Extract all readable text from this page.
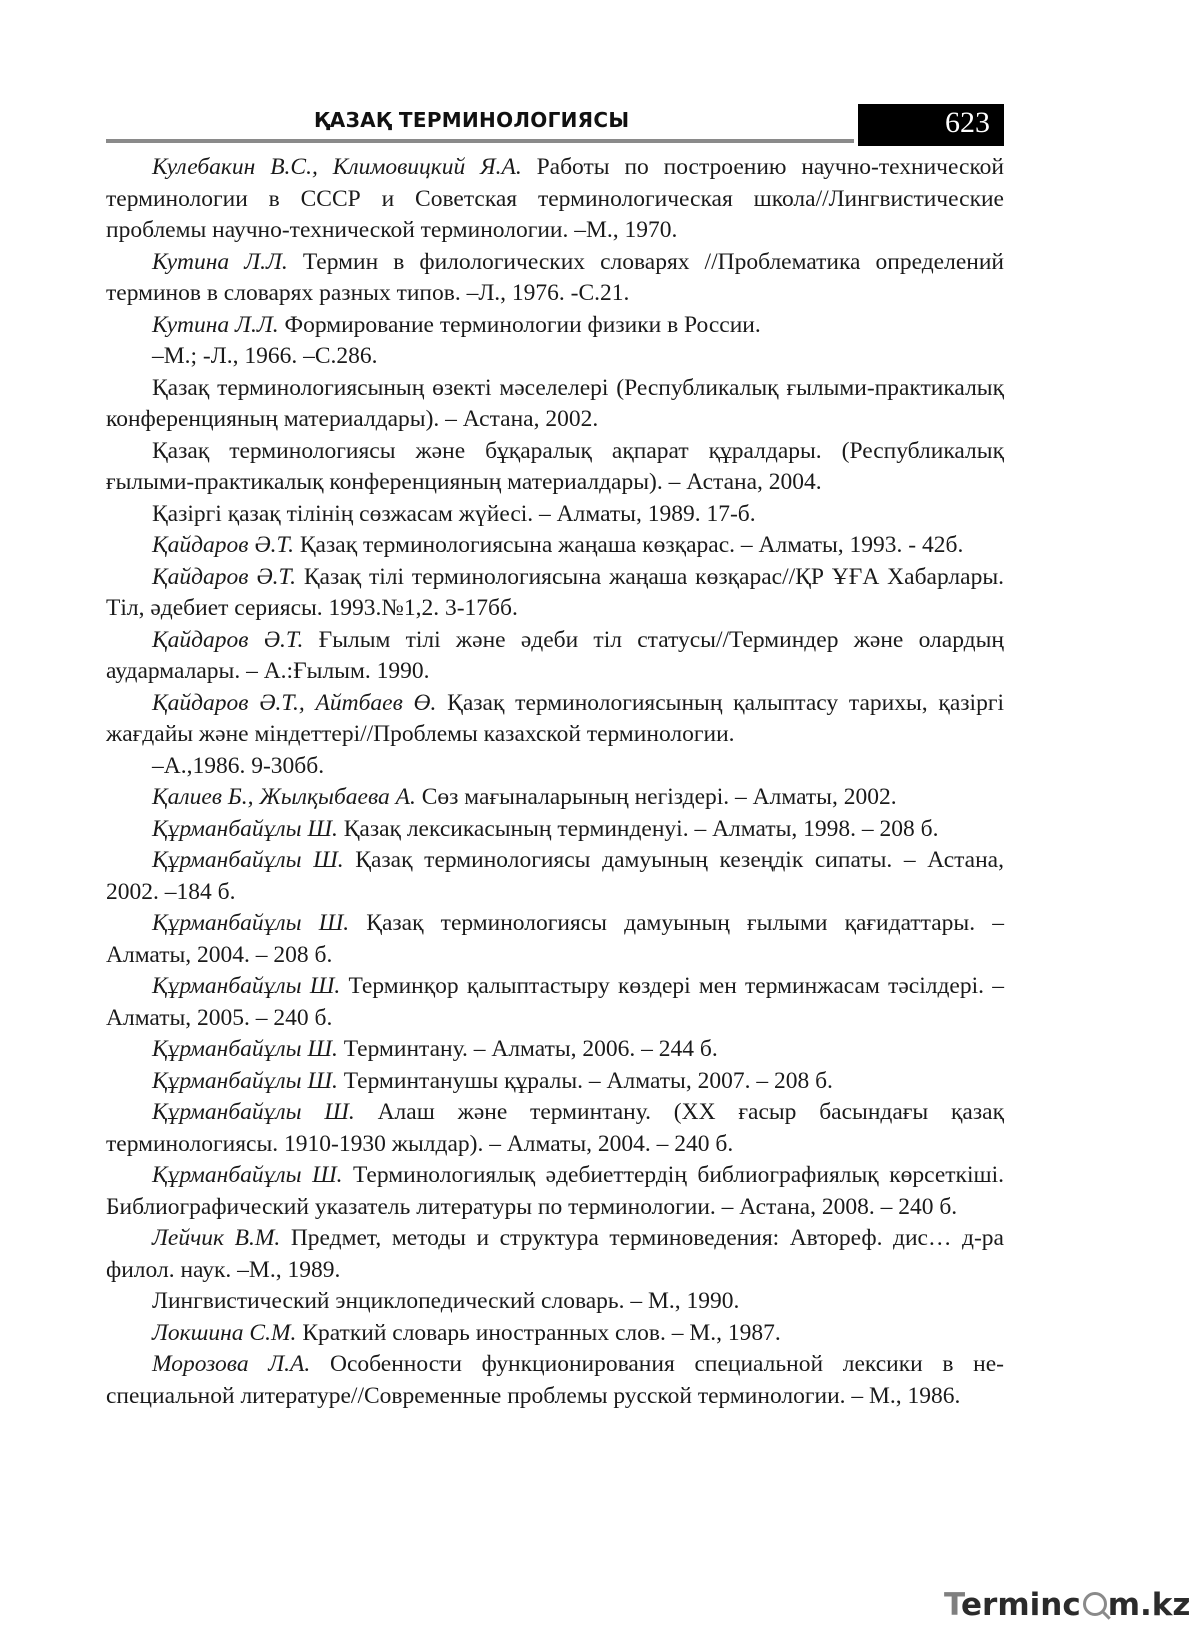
ҚАЗАҚ ТЕРМИНОЛОГИЯСЫ	623

Кулебакин В.С., Климовицкий Я.А. Работы по построению научно-технической терминологии в СССР и Советская терминологическая школа//Лингвистические проблемы научно-технической терминологии. –М., 1970.

Кутина Л.Л. Термин в филологических словарях //Проблематика определений терминов в словарях разных типов. –Л., 1976. -С.21.

Кутина Л.Л. Формирование терминологии физики в России.

–М.; -Л., 1966. –С.286.

Қазақ терминологиясының өзекті мәселелері (Республикалық ғылыми-практикалық конференцияның материалдары). – Астана, 2002.

Қазақ терминологиясы және бұқаралық ақпарат құралдары. (Республикалық ғылыми-практикалық конференцияның материалдары). – Астана, 2004.

Қазіргі қазақ тілінің сөзжасам жүйесі. – Алматы, 1989. 17-б.

Қайдаров Ә.Т. Қазақ терминологиясына жаңаша көзқарас. – Алматы, 1993. - 42б.

Қайдаров Ә.Т. Қазақ тілі терминологиясына жаңаша көзқарас//ҚР ҰҒА Хабарлары. Тіл, әдебиет сериясы. 1993.№1,2. 3-17бб.

Қайдаров Ә.Т. Ғылым тілі және әдеби тіл статусы//Терминдер және олардың аудармалары. – А.:Ғылым. 1990.

Қайдаров Ә.Т., Айтбаев Ө. Қазақ терминологиясының қалыптасу тарихы, қазіргі жағдайы және міндеттері//Проблемы казахской терминологии.

–А.,1986. 9-30бб.

Қалиев Б., Жылқыбаева А. Сөз мағыналарының негіздері. – Алматы, 2002.

Құрманбайұлы Ш. Қазақ лексикасының терминденуі. – Алматы, 1998. – 208 б.

Құрманбайұлы Ш. Қазақ терминологиясы дамуының кезеңдік сипаты. – Астана, 2002. –184 б.

Құрманбайұлы Ш. Қазақ терминологиясы дамуының ғылыми қағидаттары. – Алматы, 2004. – 208 б.

Құрманбайұлы Ш. Терминқор қалыптастыру көздері мен терминжасам тәсілдері. – Алматы, 2005. – 240 б.

Құрманбайұлы Ш. Терминтану. – Алматы, 2006. – 244 б.

Құрманбайұлы Ш. Терминтанушы құралы. – Алматы, 2007. – 208 б.

Құрманбайұлы Ш. Алаш және терминтану. (ХХ ғасыр басындағы қазақ терминологиясы. 1910-1930 жылдар). – Алматы, 2004. – 240 б.

Құрманбайұлы Ш. Терминологиялық әдебиеттердің библиографиялық көрсеткіші. Библиографический указатель литературы по терминологии. – Астана, 2008. – 240 б.

Лейчик В.М. Предмет, методы и структура терминоведения: Автореф. дис… д-ра филол. наук. –М., 1989.

Лингвистический энциклопедический словарь. – М., 1990.

Локшина С.М. Краткий словарь иностранных слов. – М., 1987.

Морозова Л.А. Особенности функционирования специальной лексики в неспециальной литературе//Современные проблемы русской терминологии. – М., 1986.

Terminc m.kz
